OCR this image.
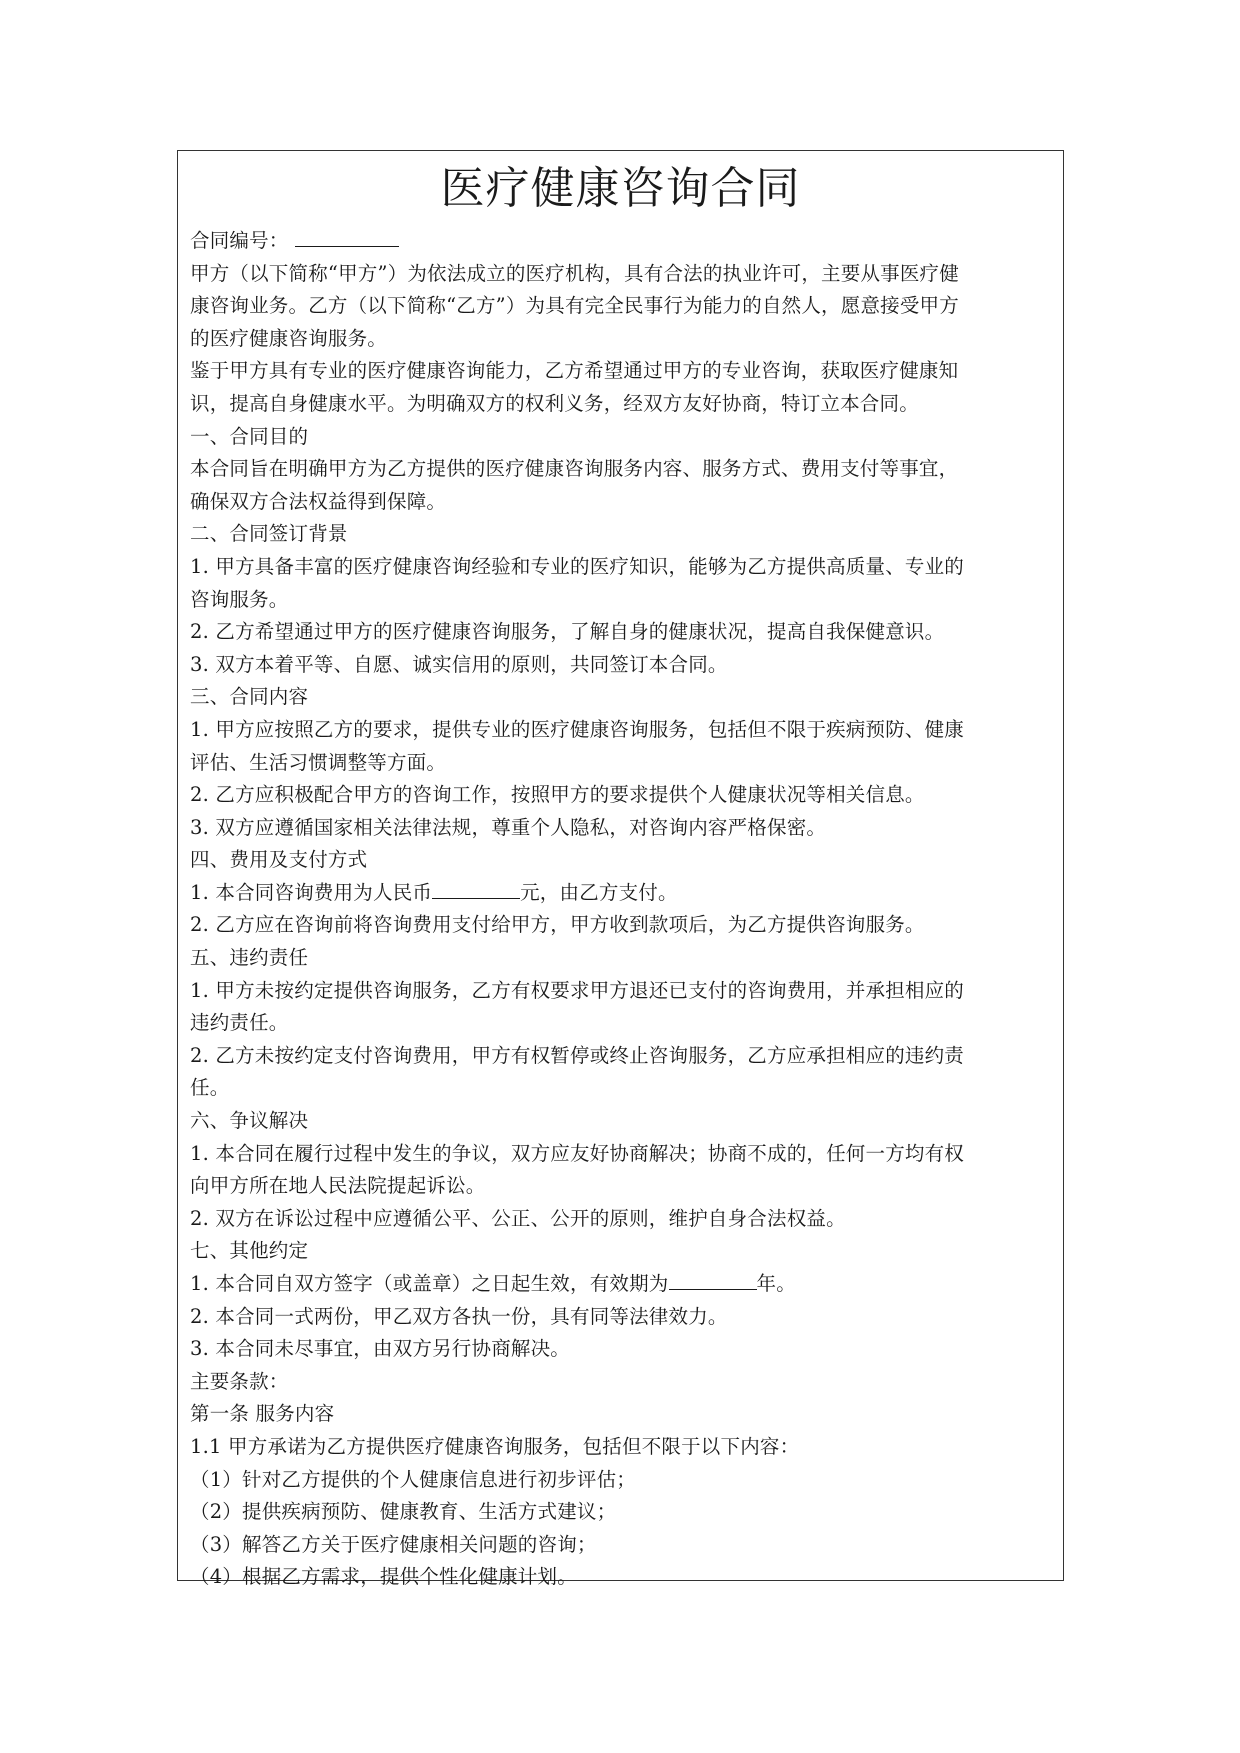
医疗健康咨询合同
合同编号：
甲方（以下简称“甲方”）为依法成立的医疗机构，具有合法的执业许可，主要从事医疗健
康咨询业务。乙方（以下简称“乙方”）为具有完全民事行为能力的自然人，愿意接受甲方
的医疗健康咨询服务。
鉴于甲方具有专业的医疗健康咨询能力，乙方希望通过甲方的专业咨询，获取医疗健康知
识，提高自身健康水平。为明确双方的权利义务，经双方友好协商，特订立本合同。
一、合同目的
本合同旨在明确甲方为乙方提供的医疗健康咨询服务内容、服务方式、费用支付等事宜，
确保双方合法权益得到保障。
二、合同签订背景
1. 甲方具备丰富的医疗健康咨询经验和专业的医疗知识，能够为乙方提供高质量、专业的
咨询服务。
2. 乙方希望通过甲方的医疗健康咨询服务，了解自身的健康状况，提高自我保健意识。
3. 双方本着平等、自愿、诚实信用的原则，共同签订本合同。
三、合同内容
1. 甲方应按照乙方的要求，提供专业的医疗健康咨询服务，包括但不限于疾病预防、健康
评估、生活习惯调整等方面。
2. 乙方应积极配合甲方的咨询工作，按照甲方的要求提供个人健康状况等相关信息。
3. 双方应遵循国家相关法律法规，尊重个人隐私，对咨询内容严格保密。
四、费用及支付方式
1. 本合同咨询费用为人民币	元，由乙方支付。
2. 乙方应在咨询前将咨询费用支付给甲方，甲方收到款项后，为乙方提供咨询服务。
五、违约责任
1. 甲方未按约定提供咨询服务，乙方有权要求甲方退还已支付的咨询费用，并承担相应的
违约责任。
2. 乙方未按约定支付咨询费用，甲方有权暂停或终止咨询服务，乙方应承担相应的违约责
任。
六、争议解决
1. 本合同在履行过程中发生的争议，双方应友好协商解决；协商不成的，任何一方均有权
向甲方所在地人民法院提起诉讼。
2. 双方在诉讼过程中应遵循公平、公正、公开的原则，维护自身合法权益。
七、其他约定
1. 本合同自双方签字（或盖章）之日起生效，有效期为	年。
2. 本合同一式两份，甲乙双方各执一份，具有同等法律效力。
3. 本合同未尽事宜，由双方另行协商解决。
主要条款：
第一条 服务内容
1.1 甲方承诺为乙方提供医疗健康咨询服务，包括但不限于以下内容：
（1）针对乙方提供的个人健康信息进行初步评估；
（2）提供疾病预防、健康教育、生活方式建议；
（3）解答乙方关于医疗健康相关问题的咨询；
（4）根据乙方需求，提供个性化健康计划。
